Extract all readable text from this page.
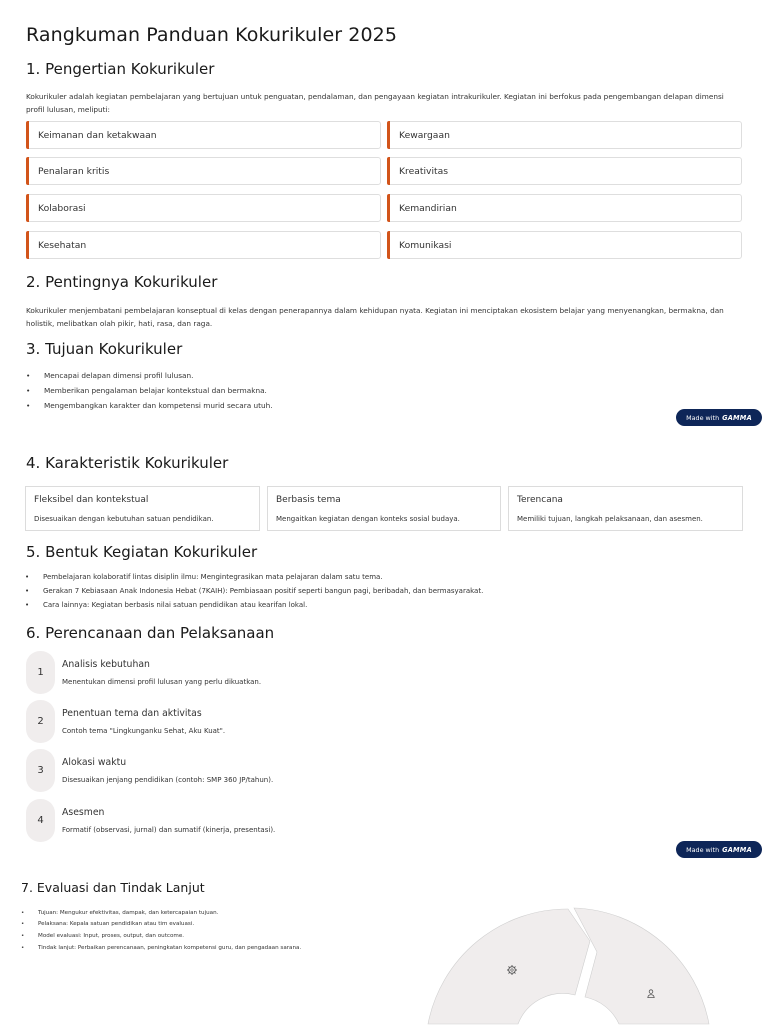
Rangkuman Panduan Kokurikuler 2025
1. Pengertian Kokurikuler
Kokurikuler adalah kegiatan pembelajaran yang bertujuan untuk penguatan, pendalaman, dan pengayaan kegiatan intrakurikuler. Kegiatan ini berfokus pada pengembangan delapan dimensi
profil lulusan, meliputi:
Keimanan dan ketakwaan	Kewargaan
Penalaran kritis	Kreativitas
Kolaborasi	Kemandirian
Kesehatan	Komunikasi
2. Pentingnya Kokurikuler
Kokurikuler menjembatani pembelajaran konseptual di kelas dengan penerapannya dalam kehidupan nyata. Kegiatan ini menciptakan ekosistem belajar yang menyenangkan, bermakna, dan
holistik, melibatkan olah pikir, hati, rasa, dan raga.
3. Tujuan Kokurikuler
• Mencapai delapan dimensi profil lulusan.
• Memberikan pengalaman belajar kontekstual dan bermakna.
• Mengembangkan karakter dan kompetensi murid secara utuh.
Made with GAMMA
4. Karakteristik Kokurikuler
Fleksibel dan kontekstual
Disesuaikan dengan kebutuhan satuan pendidikan.
Berbasis tema
Mengaitkan kegiatan dengan konteks sosial budaya.
Terencana
Memiliki tujuan, langkah pelaksanaan, dan asesmen.
5. Bentuk Kegiatan Kokurikuler
• Pembelajaran kolaboratif lintas disiplin ilmu: Mengintegrasikan mata pelajaran dalam satu tema.
• Gerakan 7 Kebiasaan Anak Indonesia Hebat (7KAIH): Pembiasaan positif seperti bangun pagi, beribadah, dan bermasyarakat.
• Cara lainnya: Kegiatan berbasis nilai satuan pendidikan atau kearifan lokal.
6. Perencanaan dan Pelaksanaan
1
Analisis kebutuhan
Menentukan dimensi profil lulusan yang perlu dikuatkan.
2
Penentuan tema dan aktivitas
Contoh tema "Lingkunganku Sehat, Aku Kuat".
3
Alokasi waktu
Disesuaikan jenjang pendidikan (contoh: SMP 360 JP/tahun).
4
Asesmen
Formatif (observasi, jurnal) dan sumatif (kinerja, presentasi).
Made with GAMMA
7. Evaluasi dan Tindak Lanjut
• Tujuan: Mengukur efektivitas, dampak, dan ketercapaian tujuan.
• Pelaksana: Kepala satuan pendidikan atau tim evaluasi.
• Model evaluasi: Input, proses, output, dan outcome.
• Tindak lanjut: Perbaikan perencanaan, peningkatan kompetensi guru, dan pengadaan sarana.
